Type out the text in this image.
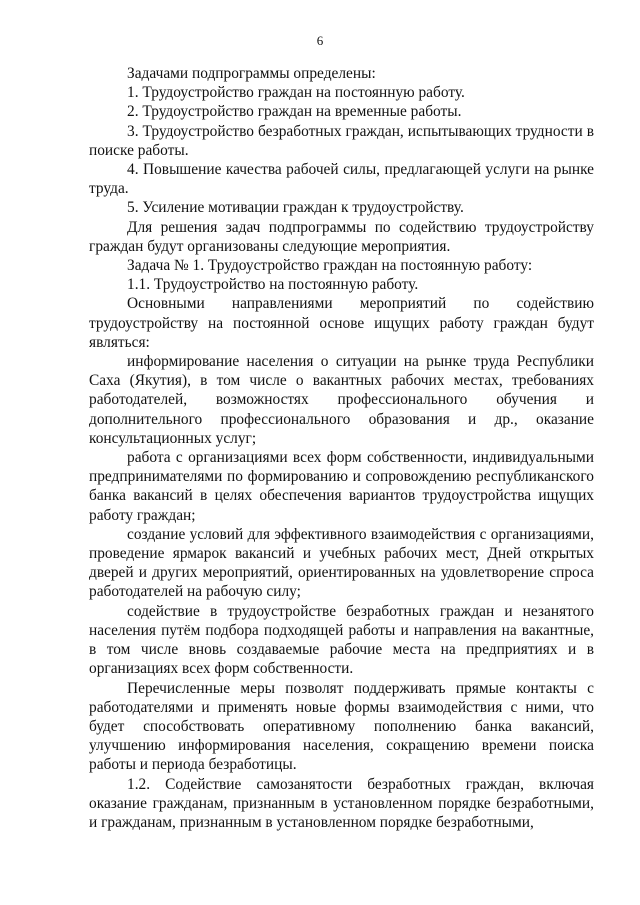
6

Задачами подпрограммы определены:

1. Трудоустройство граждан на постоянную работу.

2. Трудоустройство граждан на временные работы.

3. Трудоустройство безработных граждан, испытывающих трудности в поиске работы.

4. Повышение качества рабочей силы, предлагающей услуги на рынке труда.

5. Усиление мотивации граждан к трудоустройству.

Для решения задач подпрограммы по содействию трудоустройству граждан будут организованы следующие мероприятия.

Задача № 1. Трудоустройство граждан на постоянную работу:

1.1. Трудоустройство на постоянную работу.

Основными направлениями мероприятий по содействию трудоустройству на постоянной основе ищущих работу граждан будут являться:

информирование населения о ситуации на рынке труда Республики Саха (Якутия), в том числе о вакантных рабочих местах, требованиях работодателей, возможностях профессионального обучения и дополнительного профессионального образования и др., оказание консультационных услуг;

работа с организациями всех форм собственности, индивидуальными предпринимателями по формированию и сопровождению республиканского банка вакансий в целях обеспечения вариантов трудоустройства ищущих работу граждан;

создание условий для эффективного взаимодействия с организациями, проведение ярмарок вакансий и учебных рабочих мест, Дней открытых дверей и других мероприятий, ориентированных на удовлетворение спроса работодателей на рабочую силу;

содействие в трудоустройстве безработных граждан и незанятого населения путём подбора подходящей работы и направления на вакантные, в том числе вновь создаваемые рабочие места на предприятиях и в организациях всех форм собственности.

Перечисленные меры позволят поддерживать прямые контакты с работодателями и применять новые формы взаимодействия с ними, что будет способствовать оперативному пополнению банка вакансий, улучшению информирования населения, сокращению времени поиска работы и периода безработицы.

1.2. Содействие самозанятости безработных граждан, включая оказание гражданам, признанным в установленном порядке безработными, и гражданам, признанным в установленном порядке безработными,
